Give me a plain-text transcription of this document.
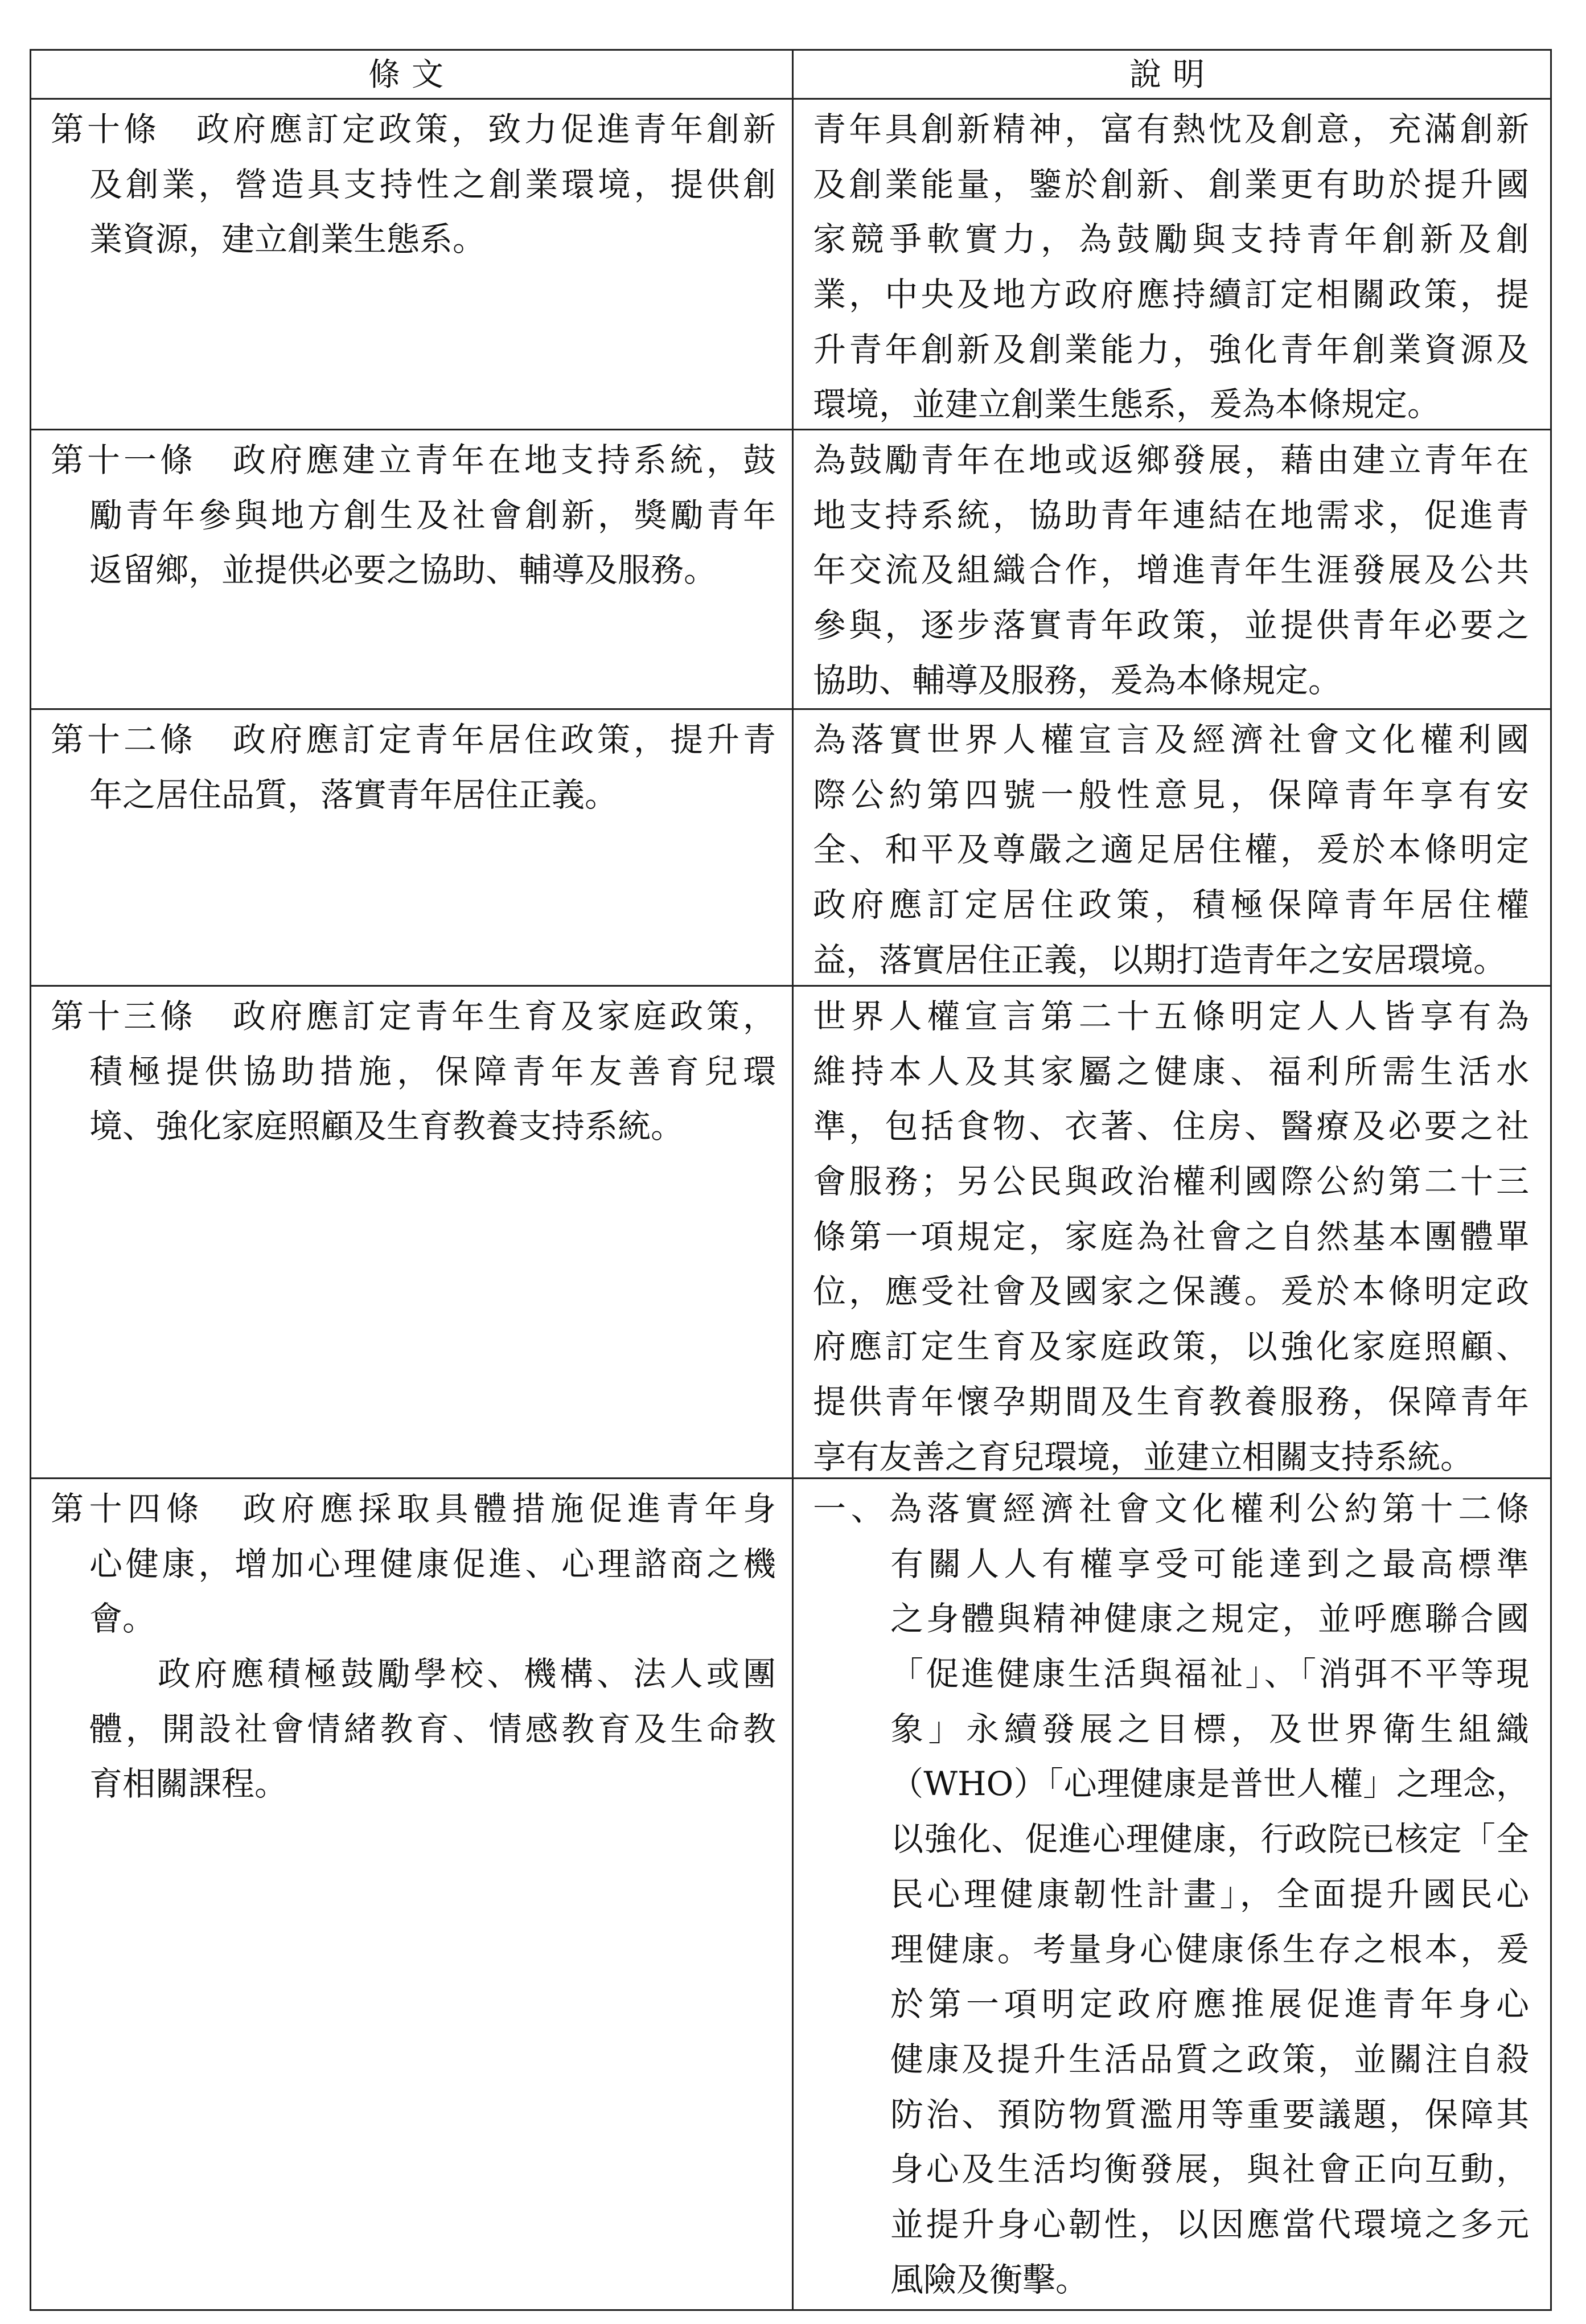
條文	說明
第十條　政府應訂定政策，致力促進青年創新
及創業，營造具支持性之創業環境，提供創
業資源，建立創業生態系。
青年具創新精神，富有熱忱及創意，充滿創新
及創業能量，鑒於創新、創業更有助於提升國
家競爭軟實力，為鼓勵與支持青年創新及創
業，中央及地方政府應持續訂定相關政策，提
升青年創新及創業能力，強化青年創業資源及
環境，並建立創業生態系，爰為本條規定。
第十一條　政府應建立青年在地支持系統，鼓
勵青年參與地方創生及社會創新，獎勵青年
返留鄉，並提供必要之協助、輔導及服務。
為鼓勵青年在地或返鄉發展，藉由建立青年在
地支持系統，協助青年連結在地需求，促進青
年交流及組織合作，增進青年生涯發展及公共
參與，逐步落實青年政策，並提供青年必要之
協助、輔導及服務，爰為本條規定。
第十二條　政府應訂定青年居住政策，提升青
年之居住品質，落實青年居住正義。
為落實世界人權宣言及經濟社會文化權利國
際公約第四號一般性意見，保障青年享有安
全、和平及尊嚴之適足居住權，爰於本條明定
政府應訂定居住政策，積極保障青年居住權
益，落實居住正義，以期打造青年之安居環境。
第十三條　政府應訂定青年生育及家庭政策，
積極提供協助措施，保障青年友善育兒環
境、強化家庭照顧及生育教養支持系統。
世界人權宣言第二十五條明定人人皆享有為
維持本人及其家屬之健康、福利所需生活水
準，包括食物、衣著、住房、醫療及必要之社
會服務；另公民與政治權利國際公約第二十三
條第一項規定，家庭為社會之自然基本團體單
位，應受社會及國家之保護。爰於本條明定政
府應訂定生育及家庭政策，以強化家庭照顧、
提供青年懷孕期間及生育教養服務，保障青年
享有友善之育兒環境，並建立相關支持系統。
第十四條　政府應採取具體措施促進青年身
心健康，增加心理健康促進、心理諮商之機
會。
政府應積極鼓勵學校、機構、法人或團
體，開設社會情緒教育、情感教育及生命教
育相關課程。
一、為落實經濟社會文化權利公約第十二條
有關人人有權享受可能達到之最高標準
之身體與精神健康之規定，並呼應聯合國
「促進健康生活與福祉」、「消弭不平等現
象」永續發展之目標，及世界衛生組織
（WHO）「心理健康是普世人權」之理念，
以強化、促進心理健康，行政院已核定「全
民心理健康韌性計畫」，全面提升國民心
理健康。考量身心健康係生存之根本，爰
於第一項明定政府應推展促進青年身心
健康及提升生活品質之政策，並關注自殺
防治、預防物質濫用等重要議題，保障其
身心及生活均衡發展，與社會正向互動，
並提升身心韌性，以因應當代環境之多元
風險及衡擊。
